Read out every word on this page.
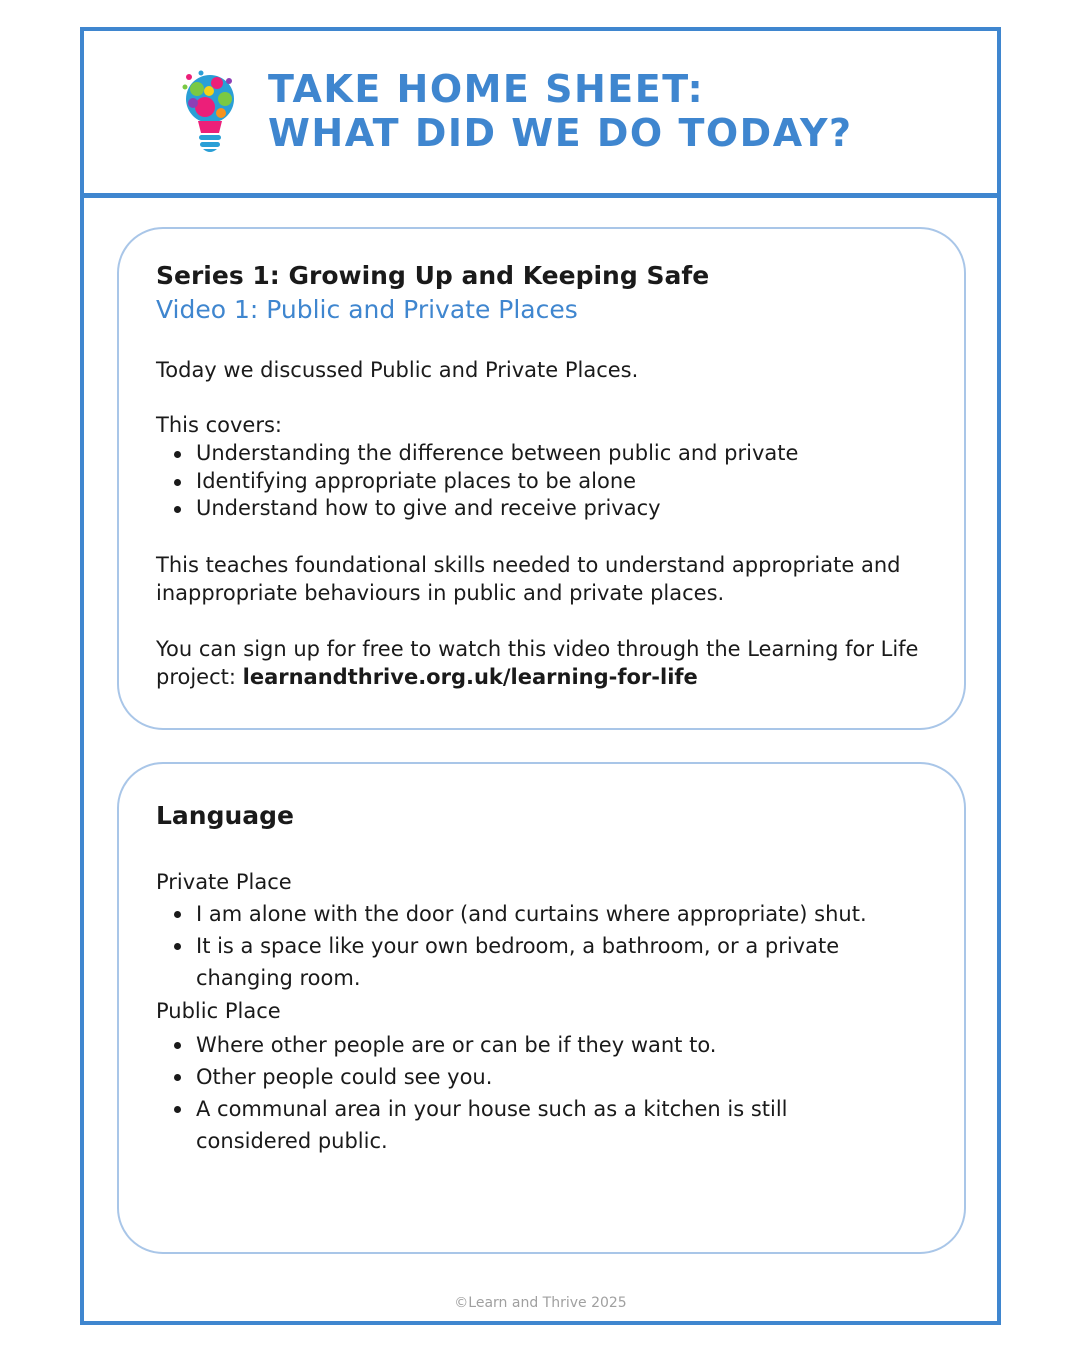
TAKE HOME SHEET:
WHAT DID WE DO TODAY?
Series 1: Growing Up and Keeping Safe
Video 1: Public and Private Places

Today we discussed Public and Private Places.

This covers:

Understanding the difference between public and private
Identifying appropriate places to be alone
Understand how to give and receive privacy

This teaches foundational skills needed to understand appropriate and inappropriate behaviours in public and private places.

You can sign up for free to watch this video through the Learning for Life project: learnandthrive.org.uk/learning-for-life

Language

Private Place

I am alone with the door (and curtains where appropriate) shut.
It is a space like your own bedroom, a bathroom, or a private changing room.

Public Place

Where other people are or can be if they want to.
Other people could see you.
A communal area in your house such as a kitchen is still considered public.
©Learn and Thrive 2025
